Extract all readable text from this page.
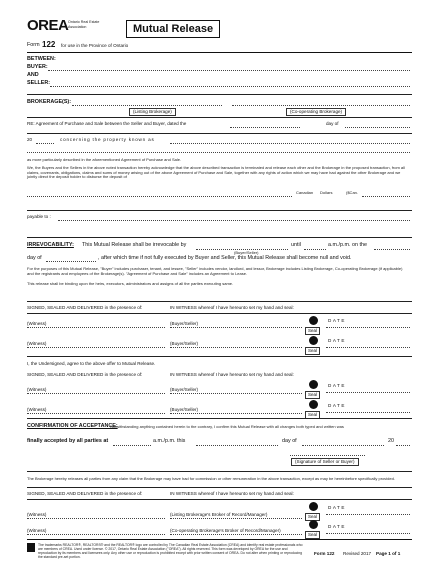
OREA Ontario Real Estate Association	Mutual Release
Form 122 for use in the Province of Ontario
BETWEEN:
BUYER:
AND
SELLER:
BROKERAGE(S):
(Listing Brokerage)	(Co-operating Brokerage)
RE: Agreement of Purchase and Sale between the Seller and Buyer, dated the	day of
20	concerning the property known as
as more particularly described in the aforementioned Agreement of Purchase and Sale.
We, the Buyers and the Sellers in the above noted transaction hereby acknowledge that the above described transaction is terminated and release each other and the Brokerage in the proposed transaction, from all claims, covenants, obligations, claims and sums of money arising out of the above Agreement of Purchase and Sale, together with any rights of action which we may have had against the other Brokerage and we jointly direct the deposit holder to disburse the deposit of
Canadian Dollars	($Can.
payable to :
IRREVOCABILITY: This Mutual Release shall be irrevocable by
(Buyer/Seller)
until	a.m./p.m. on the
day of	, after which time if not fully executed by Buyer and Seller, this Mutual Release shall become null and void.
For the purposes of this Mutual Release, "Buyer" includes purchaser, tenant, and lessee, "Seller" includes vendor, landlord, and lessor, Brokerage includes Listing Brokerage, Co-operating Brokerage (if applicable) and the registrants and employees of the Brokerage(s). "Agreement of Purchase and Sale" includes an Agreement to Lease.
This release shall be binding upon the heirs, executors, administrators and assigns of all the parties executing same.
SIGNED, SEALED AND DELIVERED in the presence of:	IN WITNESS whereof I have hereunto set my hand and seal:
(Witness)	(Buyer/Seller)
Seal
DATE
(Witness)	(Buyer/Seller)
Seal
DATE
I, the Undersigned, agree to the above offer to Mutual Release.
SIGNED, SEALED AND DELIVERED in the presence of:	IN WITNESS whereof I have hereunto set my hand and seal:
(Witness)	(Buyer/Seller)
Seal
DATE
(Witness)	(Buyer/Seller)
Seal
DATE
CONFIRMATION OF ACCEPTANCE:
Notwithstanding anything contained herein to the contrary, I confirm this Mutual Release with all changes both typed and written was
finally accepted by all parties at	a.m./p.m. this	day of	20
(Signature of Seller or Buyer)
The Brokerage hereby releases all parties from any claim that the Brokerage may have had for commission or other remuneration in the above transaction, except as may be hereinbefore specifically provided.
SIGNED, SEALED AND DELIVERED in the presence of:	IN WITNESS whereof I have hereunto set my hand and seal:
(Witness)	(Listing Brokerage's Broker of Record/Manager)	Seal
DATE
(Witness)	(Co-operating Brokerage's Broker of Record/Manager)
Seal
DATE
The trademarks REALTOR®, REALTORS® and the REALTOR® logo are controlled by The Canadian Real Estate Association (CREA) and identify real estate professionals who are members of CREA. Used under license. © 2017, Ontario Real Estate Association ("OREA"). All rights reserved. This form was developed by OREA for the use and reproduction by its members and licensees only. Any other use or reproduction is prohibited except with prior written consent of OREA. Do not alter when printing or reproducing the standard pre-set portion.
Form 122 Revised 2017 Page 1 of 1
